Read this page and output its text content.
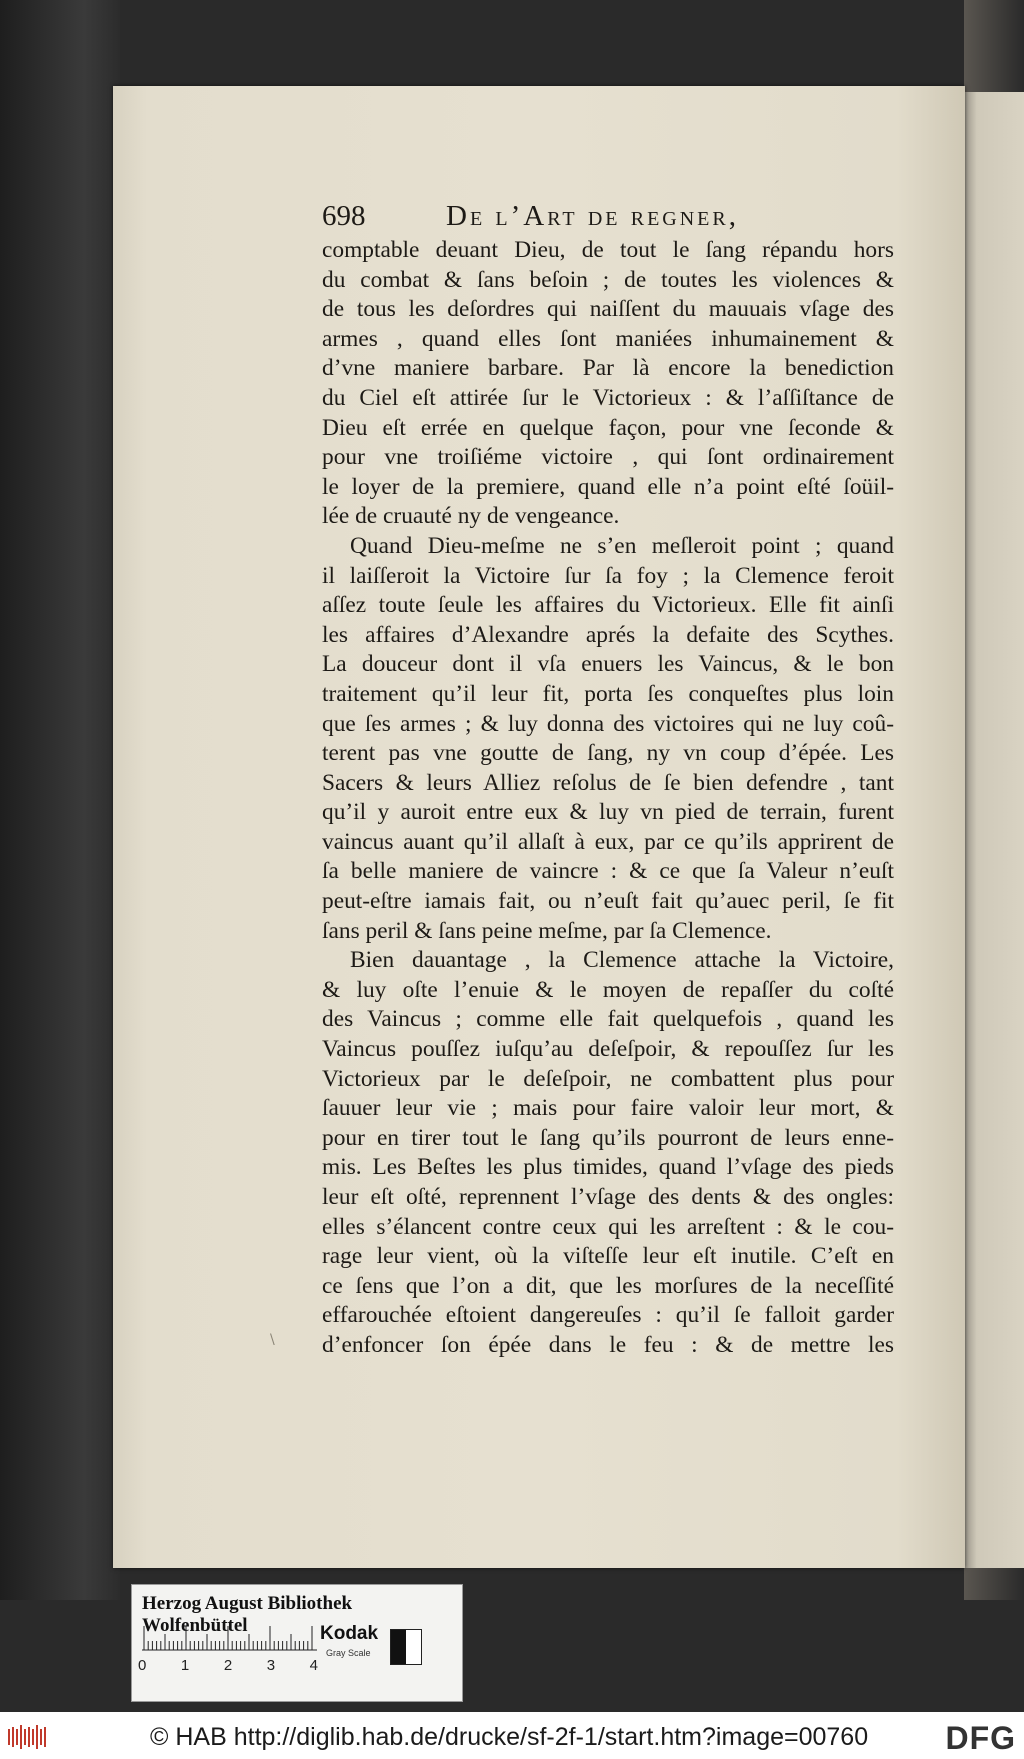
698	De l’Art de regner,
comptable deuant Dieu, de tout le ſang répandu hors
du combat & ſans beſoin ; de toutes les violences &
de tous les deſordres qui naiſſent du mauuais vſage des
armes , quand elles ſont maniées inhumainement &
d’vne maniere barbare. Par là encore la benediction
du Ciel eſt attirée ſur le Victorieux : & l’aſſiſtance de
Dieu eſt errée en quelque façon, pour vne ſeconde &
pour vne troiſiéme victoire , qui ſont ordinairement
le loyer de la premiere, quand elle n’a point eſté ſoüil-
lée de cruauté ny de vengeance.
Quand Dieu-meſme ne s’en meſleroit point ; quand
il laiſſeroit la Victoire ſur ſa foy ; la Clemence feroit
aſſez toute ſeule les affaires du Victorieux. Elle fit ainſi
les affaires d’Alexandre aprés la defaite des Scythes.
La douceur dont il vſa enuers les Vaincus, & le bon
traitement qu’il leur fit, porta ſes conqueſtes plus loin
que ſes armes ; & luy donna des victoires qui ne luy coû-
terent pas vne goutte de ſang, ny vn coup d’épée. Les
Sacers & leurs Alliez reſolus de ſe bien defendre , tant
qu’il y auroit entre eux & luy vn pied de terrain, furent
vaincus auant qu’il allaſt à eux, par ce qu’ils apprirent de
ſa belle maniere de vaincre : & ce que ſa Valeur n’euſt
peut-eſtre iamais fait, ou n’euſt fait qu’auec peril, ſe fit
ſans peril & ſans peine meſme, par ſa Clemence.
Bien dauantage , la Clemence attache la Victoire,
& luy oſte l’enuie & le moyen de repaſſer du coſté
des Vaincus ; comme elle fait quelquefois , quand les
Vaincus pouſſez iuſqu’au deſeſpoir, & repouſſez ſur les
Victorieux par le deſeſpoir, ne combattent plus pour
ſauuer leur vie ; mais pour faire valoir leur mort, &
pour en tirer tout le ſang qu’ils pourront de leurs enne-
mis. Les Beſtes les plus timides, quand l’vſage des pieds
leur eſt oſté, reprennent l’vſage des dents & des ongles:
elles s’élancent contre ceux qui les arreſtent : & le cou-
rage leur vient, où la viſteſſe leur eſt inutile. C’eſt en
ce ſens que l’on a dit, que les morſures de la neceſſité
effarouchée eſtoient dangereuſes : qu’il ſe falloit garder
d’enfoncer ſon épée dans le feu : & de mettre les
\
Herzog August Bibliothek Wolfenbüttel
0 1 2 3 4
Kodak
Gray Scale
© HAB http://diglib.hab.de/drucke/sf-2f-1/start.htm?image=00760 DFG
